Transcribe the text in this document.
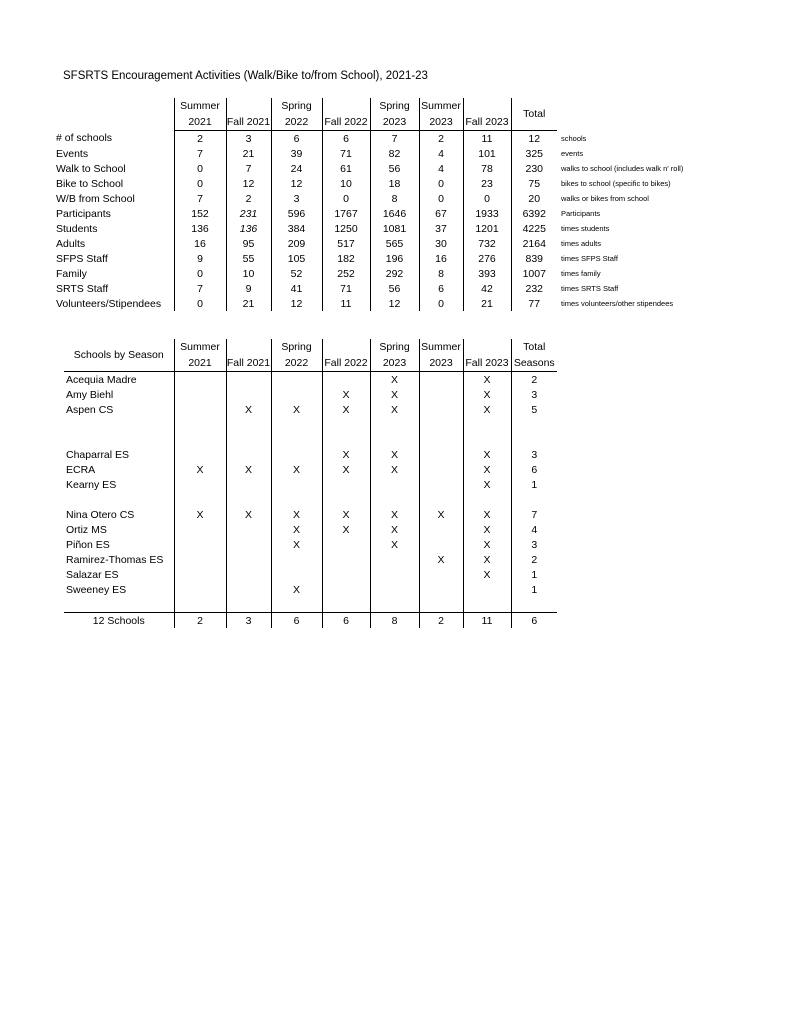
SFSRTS Encouragement Activities (Walk/Bike to/from School), 2021-23
	Summer		Spring		Spring	Summer		Total	
	2021	Fall 2021	2022	Fall 2022	2023	2023	Fall 2023		
# of schools	2	3	6	6	7	2	11	12	schools
Events	7	21	39	71	82	4	101	325	events
Walk to School	0	7	24	61	56	4	78	230	walks to school (includes walk n' roll)
Bike to School	0	12	12	10	18	0	23	75	bikes to school (specific to bikes)
W/B from School	7	2	3	0	8	0	0	20	walks or bikes from school
Participants	152	231	596	1767	1646	67	1933	6392	Participants
Students	136	136	384	1250	1081	37	1201	4225	times students
Adults	16	95	209	517	565	30	732	2164	times adults
SFPS Staff	9	55	105	182	196	16	276	839	times SFPS Staff
Family	0	10	52	252	292	8	393	1007	times family
SRTS Staff	7	9	41	71	56	6	42	232	times SRTS Staff
Volunteers/Stipendees	0	21	12	11	12	0	21	77	times volunteers/other stipendees
Schools by Season	Summer		Spring		Spring	Summer		Total
	2021	Fall 2021	2022	Fall 2022	2023	2023	Fall 2023	Seasons
Acequia Madre					X		X	2
Amy Biehl				X	X		X	3
Aspen CS		X	X	X	X		X	5

Chaparral ES				X	X		X	3
ECRA	X	X	X	X	X		X	6
Kearny ES							X	1

Nina Otero CS	X	X	X	X	X	X	X	7
Ortiz MS			X	X	X		X	4
Piñon ES			X		X		X	3
Ramirez-Thomas ES						X	X	2
Salazar ES							X	1
Sweeney ES			X					1

12 Schools	2	3	6	6	8	2	11	6
